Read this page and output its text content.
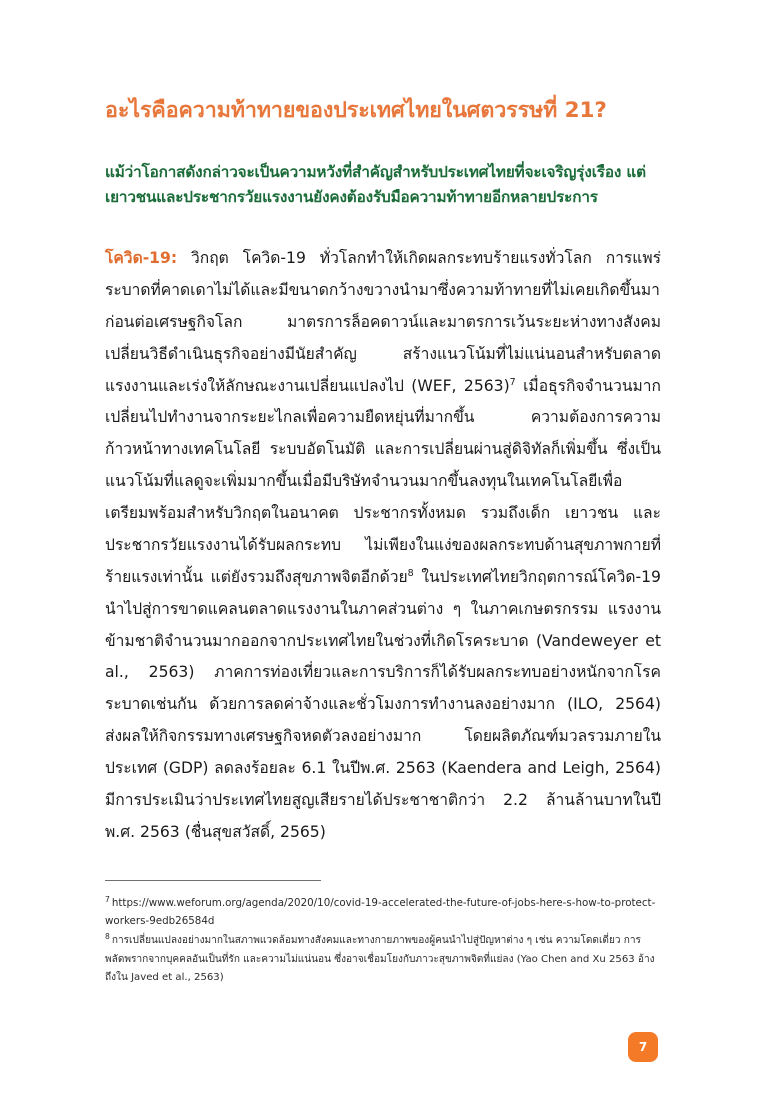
อะไรคือความท้าทายของประเทศไทยในศตวรรษที่ 21?
แม้ว่าโอกาสดังกล่าวจะเป็นความหวังที่สำคัญสำหรับประเทศไทยที่จะเจริญรุ่งเรือง แต่เยาวชนและประชากรวัยแรงงานยังคงต้องรับมือความท้าทายอีกหลายประการ

โควิด-19: วิกฤต โควิด-19 ทั่วโลกทำให้เกิดผลกระทบร้ายแรงทั่วโลก การแพร่ระบาดที่คาดเดาไม่ได้และมีขนาดกว้างขวางนำมาซึ่งความท้าทายที่ไม่เคยเกิดขึ้นมาก่อนต่อเศรษฐกิจโลก มาตรการล็อคดาวน์และมาตรการเว้นระยะห่างทางสังคมเปลี่ยนวิธีดำเนินธุรกิจอย่างมีนัยสำคัญ สร้างแนวโน้มที่ไม่แน่นอนสำหรับตลาดแรงงานและเร่งให้ลักษณะงานเปลี่ยนแปลงไป (WEF, 2563)$^7$ เมื่อธุรกิจจำนวนมากเปลี่ยนไปทำงานจากระยะไกลเพื่อความยืดหยุ่นที่มากขึ้น ความต้องการความก้าวหน้าทางเทคโนโลยี ระบบอัตโนมัติ และการเปลี่ยนผ่านสู่ดิจิทัลก็เพิ่มขึ้น ซึ่งเป็นแนวโน้มที่แลดูจะเพิ่มมากขึ้นเมื่อมีบริษัทจำนวนมากขึ้นลงทุนในเทคโนโลยีเพื่อเตรียมพร้อมสำหรับวิกฤตในอนาคต ประชากรทั้งหมด รวมถึงเด็ก เยาวชน และประชากรวัยแรงงานได้รับผลกระทบ ไม่เพียงในแง่ของผลกระทบด้านสุขภาพกายที่ร้ายแรงเท่านั้น แต่ยังรวมถึงสุขภาพจิตอีกด้วย$^8$ ในประเทศไทยวิกฤตการณ์โควิด-19 นำไปสู่การขาดแคลนตลาดแรงงานในภาคส่วนต่าง ๆ ในภาคเกษตรกรรม แรงงานข้ามชาติจำนวนมากออกจากประเทศไทยในช่วงที่เกิดโรคระบาด (Vandeweyer et al., 2563) ภาคการท่องเที่ยวและการบริการก็ได้รับผลกระทบอย่างหนักจากโรคระบาดเช่นกัน ด้วยการลดค่าจ้างและชั่วโมงการทำงานลงอย่างมาก (ILO, 2564) ส่งผลให้กิจกรรมทางเศรษฐกิจหดตัวลงอย่างมาก โดยผลิตภัณฑ์มวลรวมภายในประเทศ (GDP) ลดลงร้อยละ 6.1 ในปีพ.ศ. 2563 (Kaendera and Leigh, 2564) มีการประเมินว่าประเทศไทยสูญเสียรายได้ประชาชาติกว่า 2.2 ล้านล้านบาทในปี พ.ศ. 2563 (ชื่นสุขสวัสดิ์, 2565)

$^7$ https://www.weforum.org/agenda/2020/10/covid-19-accelerated-the-future-of-jobs-here-s-how-to-protect-workers-9edb26584d

$^8$ การเปลี่ยนแปลงอย่างมากในสภาพแวดล้อมทางสังคมและทางกายภาพของผู้คนนำไปสู่ปัญหาต่าง ๆ เช่น ความโดดเดี่ยว การพลัดพรากจากบุคคลอันเป็นที่รัก และความไม่แน่นอน ซึ่งอาจเชื่อมโยงกับภาวะสุขภาพจิตที่แย่ลง (Yao Chen and Xu 2563 อ้างถึงใน Javed et al., 2563)

7
